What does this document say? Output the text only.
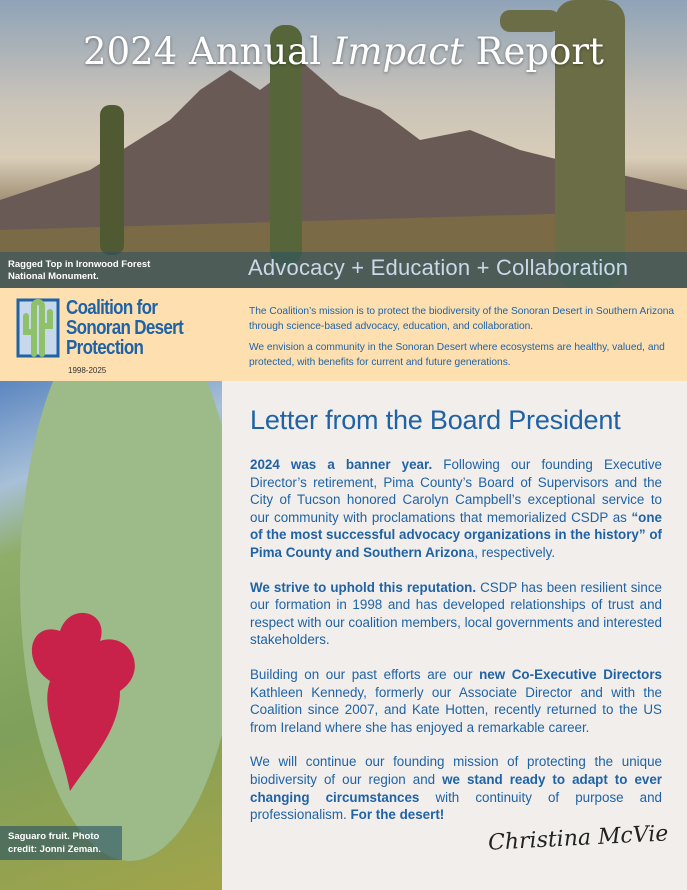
2024 Annual Impact Report
Advocacy + Education + Collaboration
Ragged Top in Ironwood Forest
National Monument.
Coalition for
Sonoran Desert
Protection
1998-2025

The Coalition’s mission is to protect the biodiversity of the Sonoran Desert in Southern Arizona through science-based advocacy, education, and collaboration.

We envision a community in the Sonoran Desert where ecosystems are healthy, valued, and protected, with benefits for current and future generations.

Saguaro fruit. Photo credit: Jonni Zeman.
Letter from the Board President

2024 was a banner year. Following our founding Executive Director’s retirement, Pima County’s Board of Supervisors and the City of Tucson honored Carolyn Campbell’s exceptional service to our community with proclamations that memorialized CSDP as “one of the most successful advocacy organizations in the history” of Pima County and Southern Arizona, respectively.

We strive to uphold this reputation. CSDP has been resilient since our formation in 1998 and has developed relationships of trust and respect with our coalition members, local governments and interested stakeholders.

Building on our past efforts are our new Co-Executive Directors Kathleen Kennedy, formerly our Associate Director and with the Coalition since 2007, and Kate Hotten, recently returned to the US from Ireland where she has enjoyed a remarkable career.

We will continue our founding mission of protecting the unique biodiversity of our region and we stand ready to adapt to ever changing circumstances with continuity of purpose and professionalism. For the desert!

Christina McVie
